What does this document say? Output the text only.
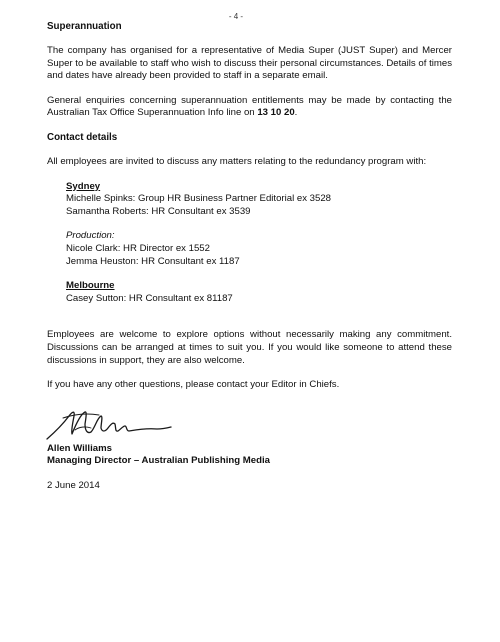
- 4 -
Superannuation

The company has organised for a representative of Media Super (JUST Super) and Mercer Super to be available to staff who wish to discuss their personal circumstances. Details of times and dates have already been provided to staff in a separate email.

General enquiries concerning superannuation entitlements may be made by contacting the Australian Tax Office Superannuation Info line on 13 10 20.

Contact details

All employees are invited to discuss any matters relating to the redundancy program with:

Sydney
Michelle Spinks: Group HR Business Partner Editorial ex 3528
Samantha Roberts: HR Consultant ex 3539
Production:
Nicole Clark: HR Director ex 1552
Jemma Heuston: HR Consultant ex 1187
Melbourne
Casey Sutton: HR Consultant ex 81187

Employees are welcome to explore options without necessarily making any commitment. Discussions can be arranged at times to suit you. If you would like someone to attend these discussions in support, they are also welcome.

If you have any other questions, please contact your Editor in Chiefs.

Allen Williams
Managing Director – Australian Publishing Media
2 June 2014
